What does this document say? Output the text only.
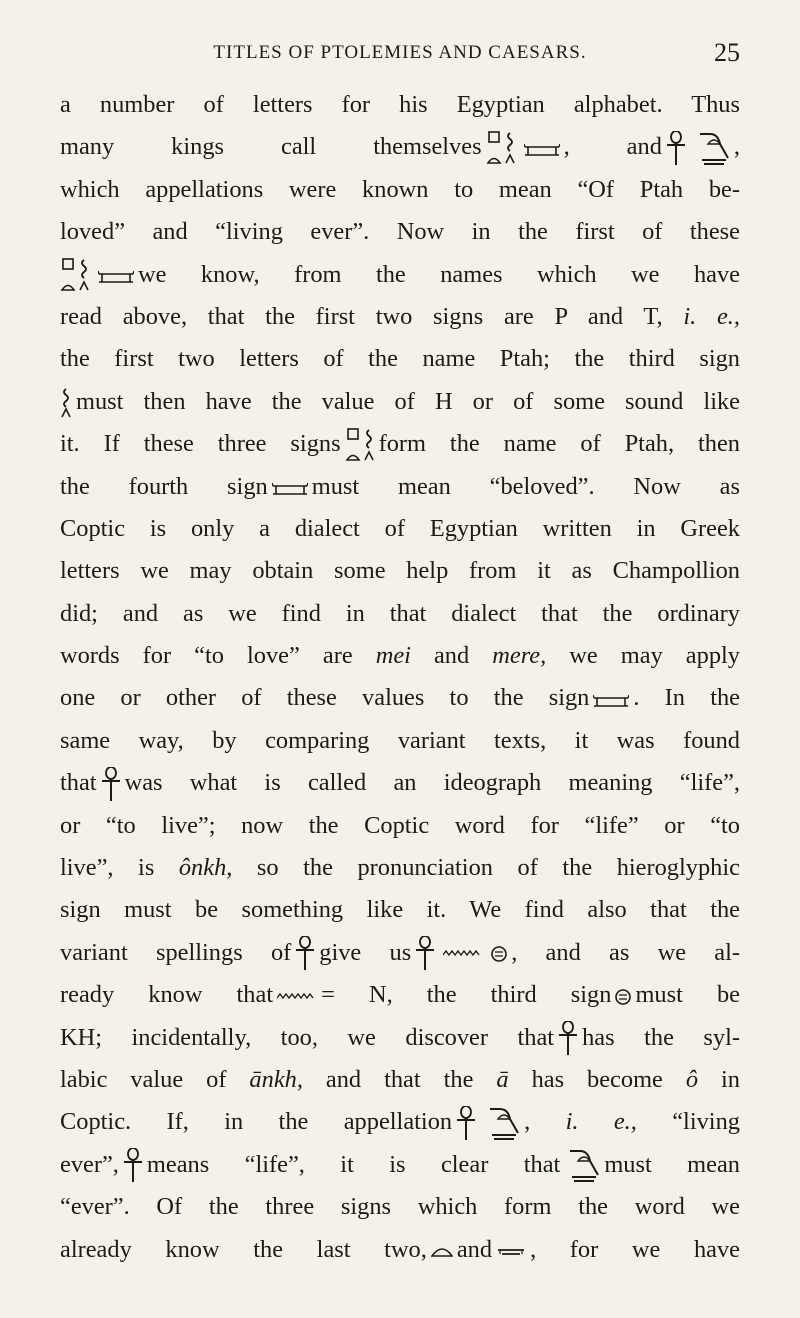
TITLES OF PTOLEMIES AND CAESARS.	25
a number of letters for his Egyptian alphabet. Thus
many kings call themselves	, and	,
which appellations were known to mean “Of Ptah be-
loved” and “living ever”. Now in the first of these
we know, from the names which we have
read above, that the first two signs are P and T, i. e.,
the first two letters of the name Ptah; the third sign
must then have the value of H or of some sound like
it. If these three signs form the name of Ptah, then
the fourth sign must mean “beloved”. Now as
Coptic is only a dialect of Egyptian written in Greek
letters we may obtain some help from it as Champollion
did; and as we find in that dialect that the ordinary
words for “to love” are mei and mere, we may apply
one or other of these values to the sign . In the
same way, by comparing variant texts, it was found
that was what is called an ideograph meaning “life”,
or “to live”; now the Coptic word for “life” or “to
live”, is ônkh, so the pronunciation of the hieroglyphic
sign must be something like it. We find also that the
variant spellings of give us	, and as we al-
ready know that = N, the third sign must be
KH; incidentally, too, we discover that has the syl-
labic value of ānkh, and that the ā has become ô in
Coptic. If, in the appellation	, i. e., “living
ever”, means “life”, it is clear that must mean
“ever”. Of the three signs which form the word we
already know the last two, and , for we have
